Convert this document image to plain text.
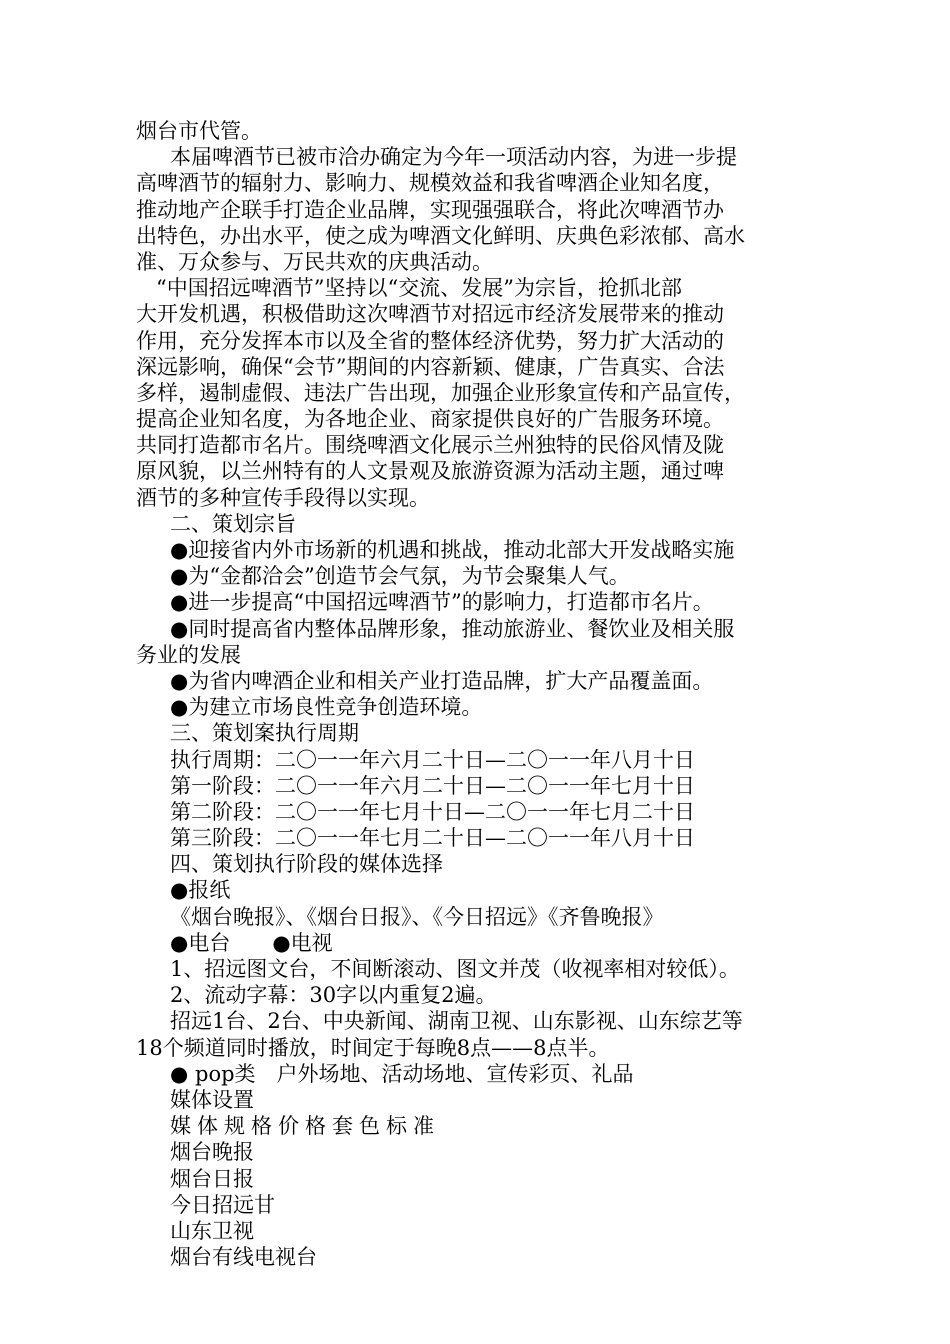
烟台市代管。
本届啤酒节已被市洽办确定为今年一项活动内容，为进一步提
高啤酒节的辐射力、影响力、规模效益和我省啤酒企业知名度，
推动地产企联手打造企业品牌，实现强强联合，将此次啤酒节办
出特色，办出水平，使之成为啤酒文化鲜明、庆典色彩浓郁、高水
准、万众参与、万民共欢的庆典活动。
“中国招远啤酒节”坚持以“交流、发展”为宗旨，抢抓北部
大开发机遇，积极借助这次啤酒节对招远市经济发展带来的推动
作用，充分发挥本市以及全省的整体经济优势，努力扩大活动的
深远影响，确保“会节”期间的内容新颖、健康，广告真实、合法
多样，遏制虚假、违法广告出现，加强企业形象宣传和产品宣传，
提高企业知名度，为各地企业、商家提供良好的广告服务环境。
共同打造都市名片。围绕啤酒文化展示兰州独特的民俗风情及陇
原风貌，以兰州特有的人文景观及旅游资源为活动主题，通过啤
酒节的多种宣传手段得以实现。
二、策划宗旨
●迎接省内外市场新的机遇和挑战，推动北部大开发战略实施
●为“金都洽会”创造节会气氛，为节会聚集人气。
●进一步提高“中国招远啤酒节”的影响力，打造都市名片。
●同时提高省内整体品牌形象，推动旅游业、餐饮业及相关服
务业的发展
●为省内啤酒企业和相关产业打造品牌，扩大产品覆盖面。
●为建立市场良性竞争创造环境。
三、策划案执行周期
执行周期：二〇一一年六月二十日—二〇一一年八月十日
第一阶段：二〇一一年六月二十日—二〇一一年七月十日
第二阶段：二〇一一年七月十日—二〇一一年七月二十日
第三阶段：二〇一一年七月二十日—二〇一一年八月十日
四、策划执行阶段的媒体选择
●报纸
《烟台晚报》、《烟台日报》、《今日招远》《齐鲁晚报》
●电台　　●电视
1、招远图文台，不间断滚动、图文并茂（收视率相对较低）。
2、流动字幕：30字以内重复2遍。
招远1台、2台、中央新闻、湖南卫视、山东影视、山东综艺等
18个频道同时播放，时间定于每晚8点——8点半。
● pop类　户外场地、活动场地、宣传彩页、礼品
媒体设置
媒体规格价格套色标准
烟台晚报
烟台日报
今日招远甘
山东卫视
烟台有线电视台
